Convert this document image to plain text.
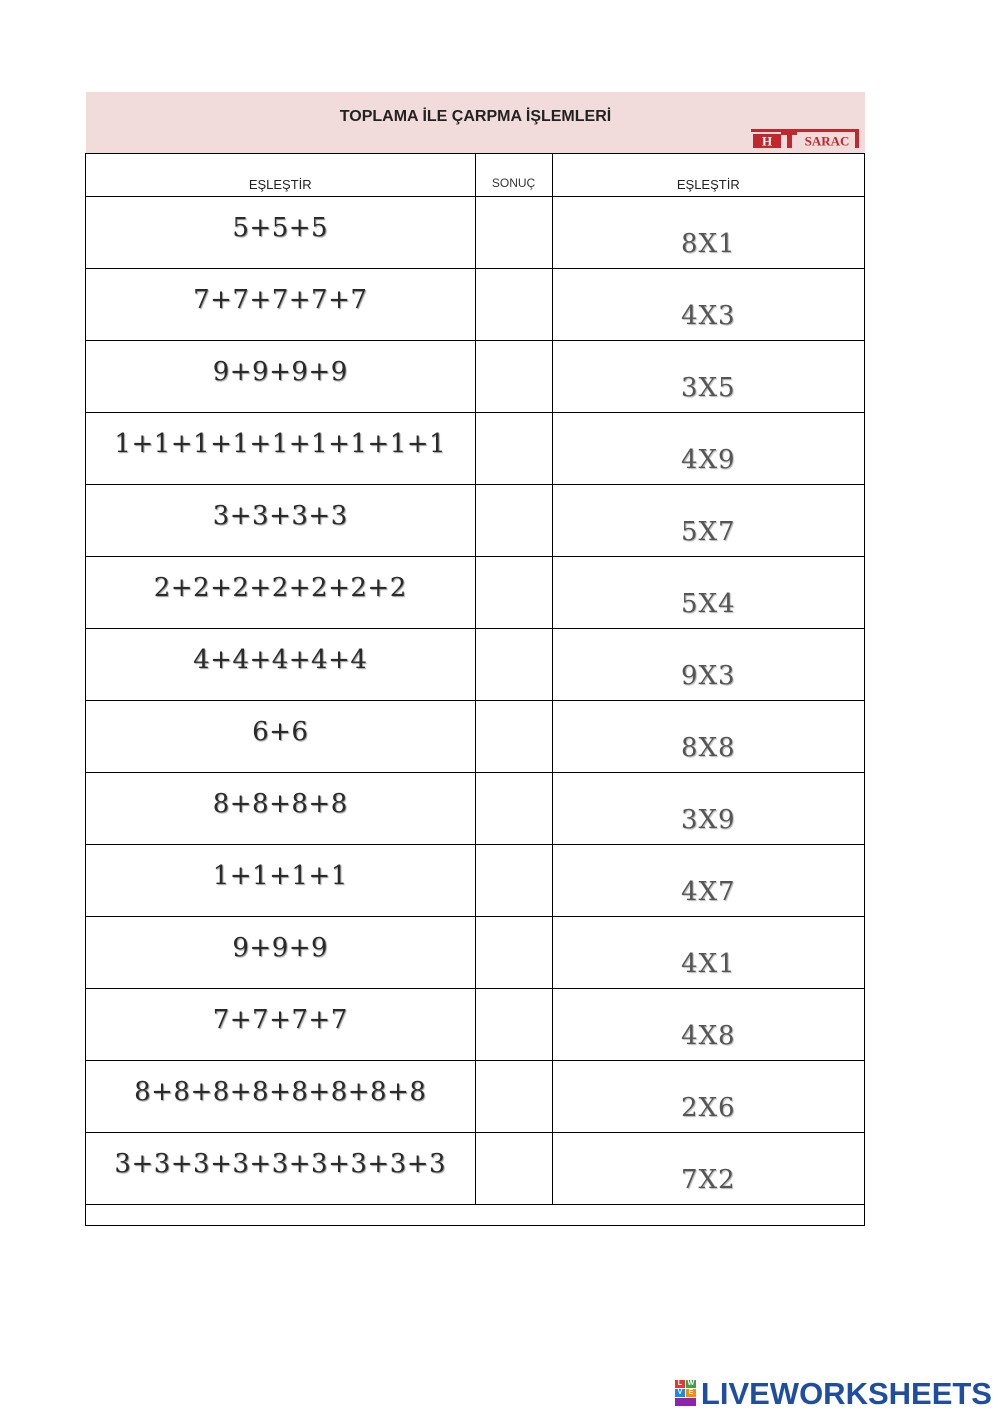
TOPLAMA İLE ÇARPMA İŞLEMLERİ
H	SARAC
EŞLEŞTİR	SONUÇ	EŞLEŞTİR

5+5+5		8X1

7+7+7+7+7		4X3

9+9+9+9		3X5

1+1+1+1+1+1+1+1+1		4X9

3+3+3+3		5X7

2+2+2+2+2+2+2		5X4

4+4+4+4+4		9X3

6+6		8X8

8+8+8+8		3X9

1+1+1+1		4X7

9+9+9		4X1

7+7+7+7		4X8

8+8+8+8+8+8+8+8		2X6

3+3+3+3+3+3+3+3+3		7X2

L W
V E LIVEWORKSHEETS
